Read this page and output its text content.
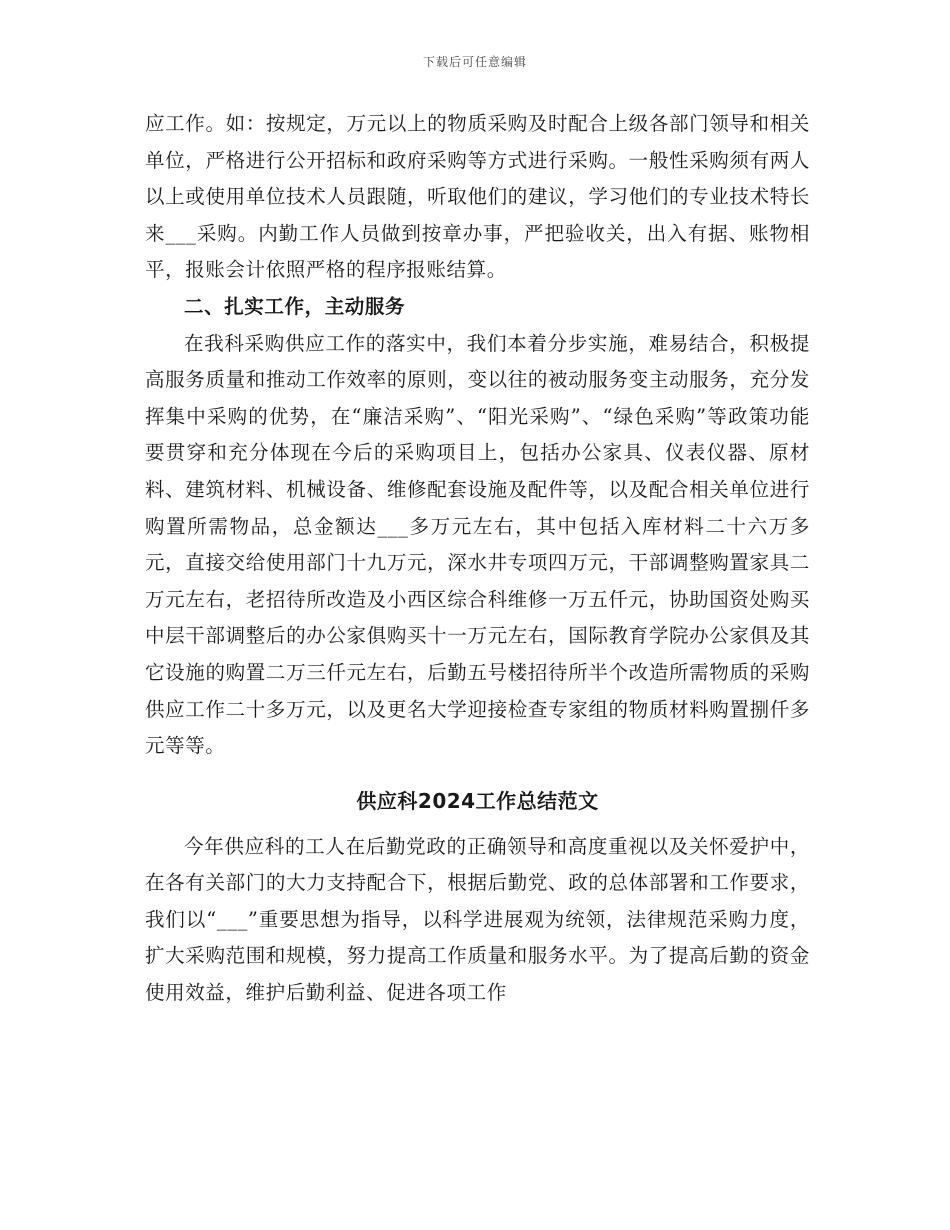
下载后可任意编辑

应工作。如：按规定，万元以上的物质采购及时配合上级各部门领导和相关单位，严格进行公开招标和政府采购等方式进行采购。一般性采购须有两人以上或使用单位技术人员跟随，听取他们的建议，学习他们的专业技术特长来___采购。内勤工作人员做到按章办事，严把验收关，出入有据、账物相平，报账会计依照严格的程序报账结算。

二、扎实工作，主动服务

在我科采购供应工作的落实中，我们本着分步实施，难易结合，积极提高服务质量和推动工作效率的原则，变以往的被动服务变主动服务，充分发挥集中采购的优势，在“廉洁采购”、“阳光采购”、“绿色采购”等政策功能要贯穿和充分体现在今后的采购项目上，包括办公家具、仪表仪器、原材料、建筑材料、机械设备、维修配套设施及配件等，以及配合相关单位进行购置所需物品，总金额达___多万元左右，其中包括入库材料二十六万多元，直接交给使用部门十九万元，深水井专项四万元，干部调整购置家具二万元左右，老招待所改造及小西区综合科维修一万五仟元，协助国资处购买中层干部调整后的办公家俱购买十一万元左右，国际教育学院办公家俱及其它设施的购置二万三仟元左右，后勤五号楼招待所半个改造所需物质的采购供应工作二十多万元，以及更名大学迎接检查专家组的物质材料购置捌仟多元等等。

供应科2024工作总结范文

今年供应科的工人在后勤党政的正确领导和高度重视以及关怀爱护中，在各有关部门的大力支持配合下，根据后勤党、政的总体部署和工作要求，我们以“___”重要思想为指导，以科学进展观为统领，法律规范采购力度，扩大采购范围和规模，努力提高工作质量和服务水平。为了提高后勤的资金使用效益，维护后勤利益、促进各项工作
